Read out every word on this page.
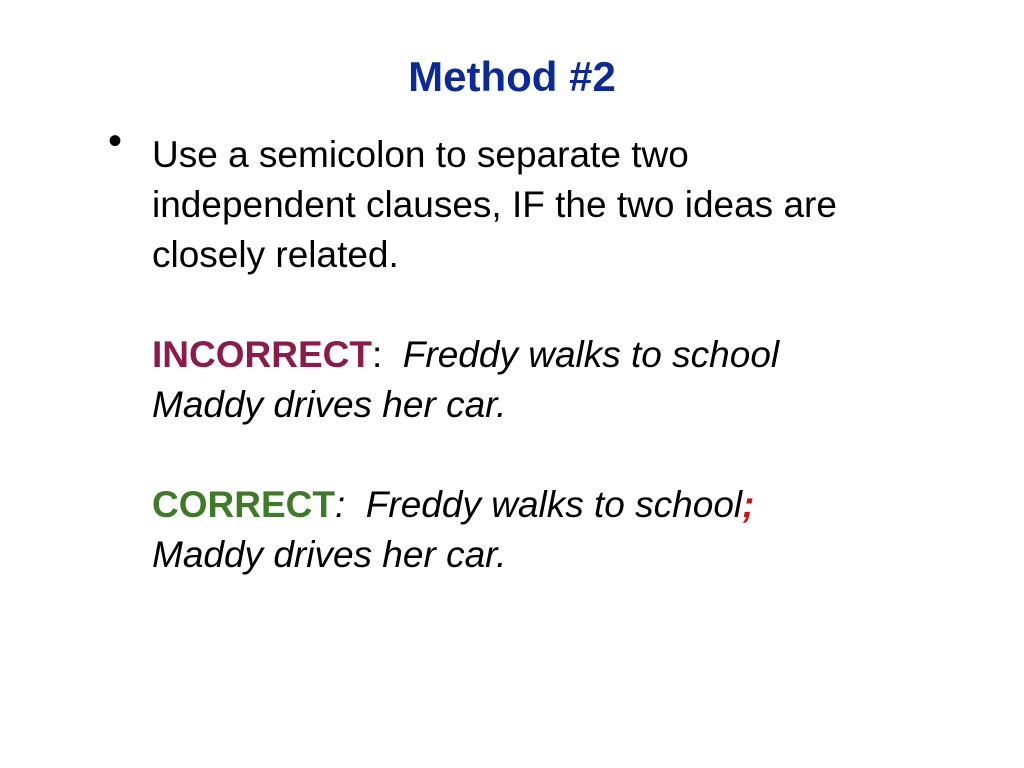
Method #2
• Use a semicolon to separate two

independent clauses, IF the two ideas are

closely related.

INCORRECT: Freddy walks to school

Maddy drives her car.

CORRECT: Freddy walks to school;

Maddy drives her car.
